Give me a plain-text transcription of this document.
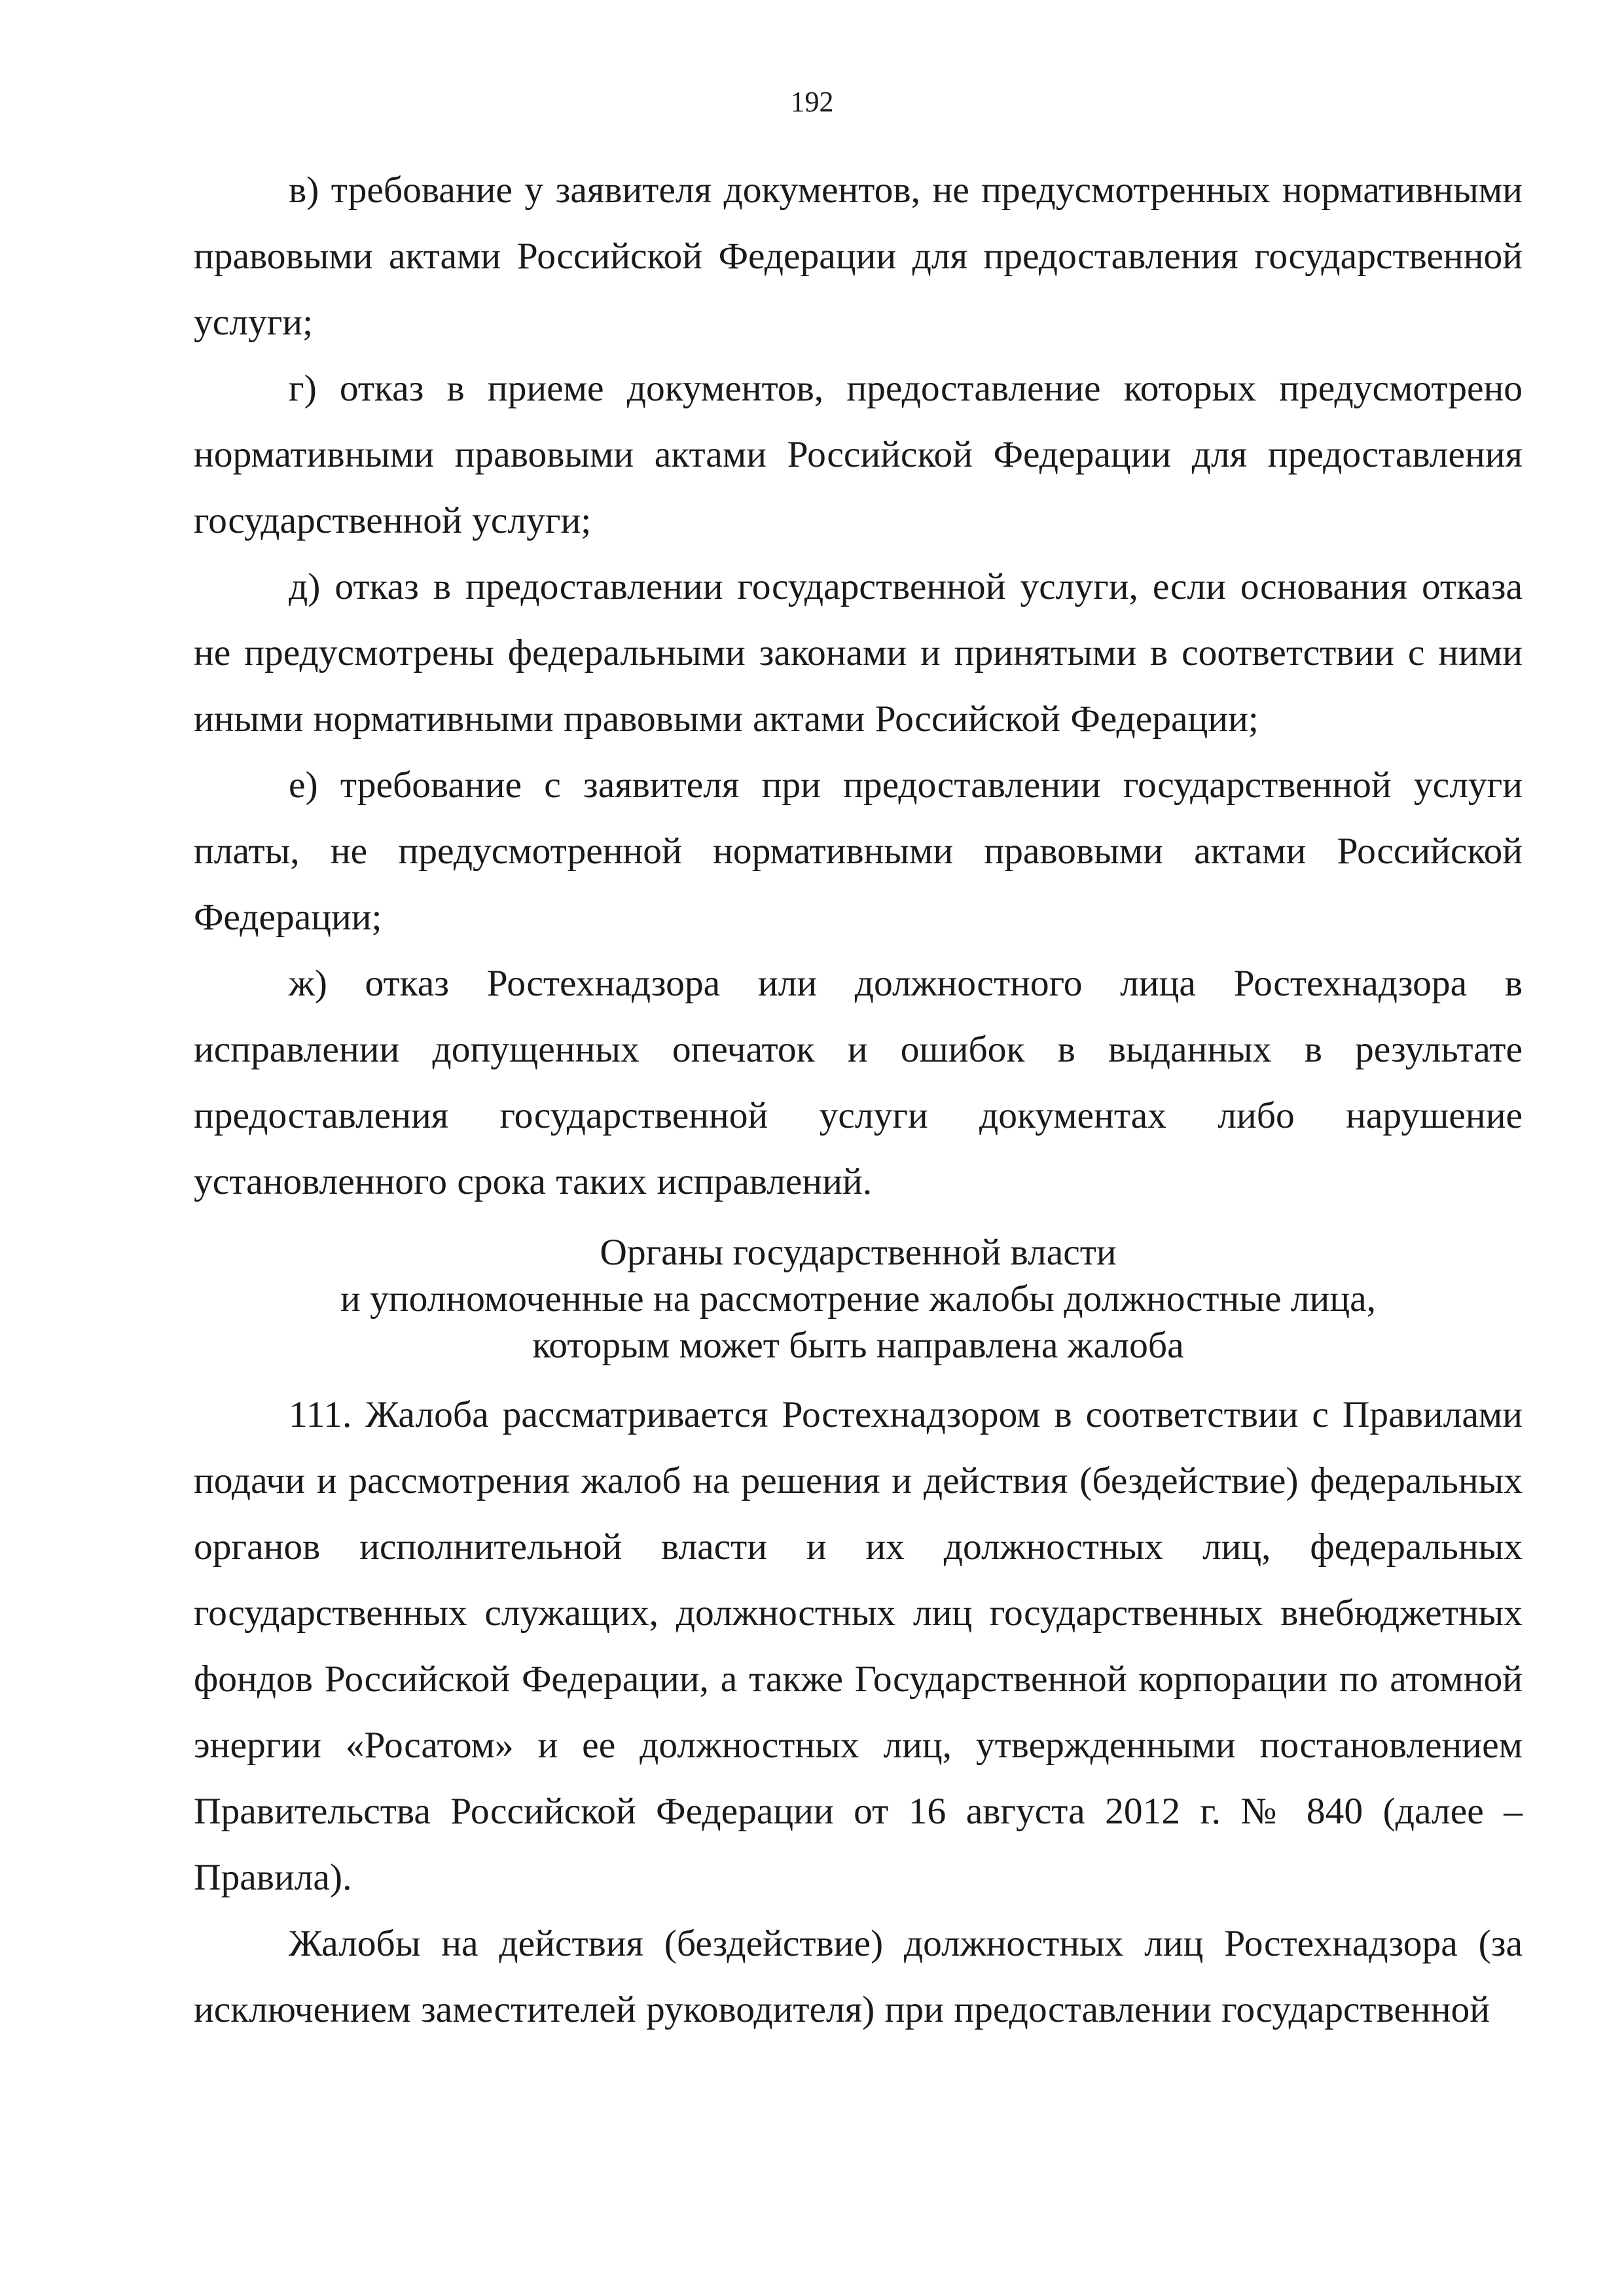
192

в) требование у заявителя документов, не предусмотренных нормативными правовыми актами Российской Федерации для предоставления государственной услуги;

г) отказ в приеме документов, предоставление которых предусмотрено нормативными правовыми актами Российской Федерации для предоставления государственной услуги;

д) отказ в предоставлении государственной услуги, если основания отказа не предусмотрены федеральными законами и принятыми в соответствии с ними иными нормативными правовыми актами Российской Федерации;

е) требование с заявителя при предоставлении государственной услуги платы, не предусмотренной нормативными правовыми актами Российской Федерации;

ж) отказ Ростехнадзора или должностного лица Ростехнадзора в исправлении допущенных опечаток и ошибок в выданных в результате предоставления государственной услуги документах либо нарушение установленного срока таких исправлений.

Органы государственной власти
и уполномоченные на рассмотрение жалобы должностные лица,
которым может быть направлена жалоба

111. Жалоба рассматривается Ростехнадзором в соответствии с Правилами подачи и рассмотрения жалоб на решения и действия (бездействие) федеральных органов исполнительной власти и их должностных лиц, федеральных государственных служащих, должностных лиц государственных внебюджетных фондов Российской Федерации, а также Государственной корпорации по атомной энергии «Росатом» и ее должностных лиц, утвержденными постановлением Правительства Российской Федерации от 16 августа 2012 г. № 840 (далее – Правила).

Жалобы на действия (бездействие) должностных лиц Ростехнадзора (за исключением заместителей руководителя) при предоставлении государственной
